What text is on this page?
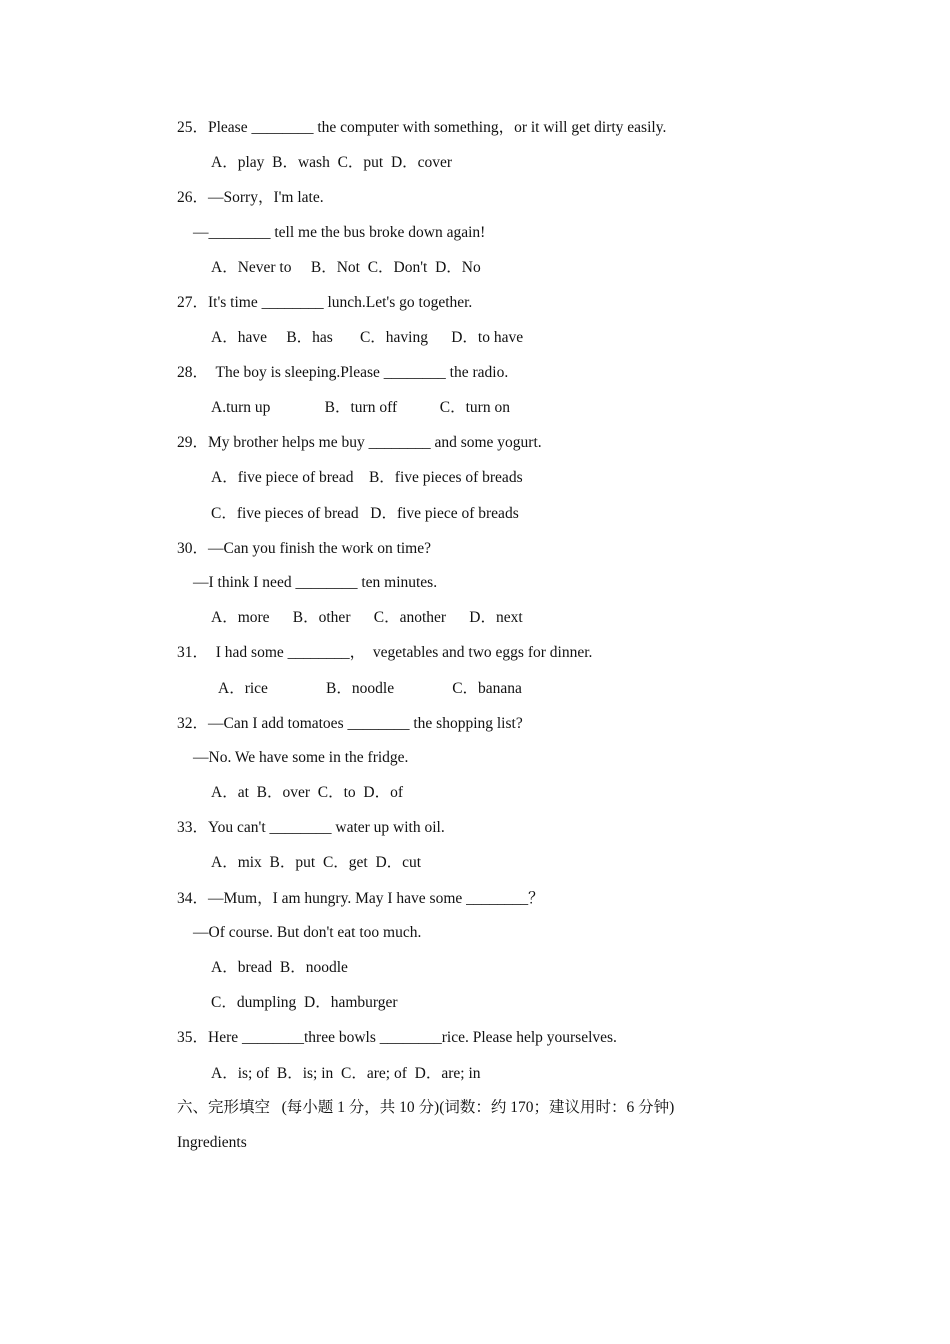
25．Please ________ the computer with something，or it will get dirty easily.
A．play  B．wash  C．put  D．cover
26．—Sorry，I'm late.
—________ tell me the bus broke down again!
A．Never to     B．Not  C．Don't  D．No
27．It's time ________ lunch.Let's go together.
A．have     B．has       C．having      D．to have
28．  The boy is sleeping.Please ________ the radio.
A.turn up              B．turn off           C．turn on
29．My brother helps me buy ________ and some yogurt.
A．five piece of bread    B．five pieces of breads
C．five pieces of bread   D．five piece of breads
30．—Can you finish the work on time?
—I think I need ________ ten minutes.
A．more      B．other      C．another      D．next
31．  I had some ________，  vegetables and two eggs for dinner.
A．rice               B．noodle               C．banana
32．—Can I add tomatoes ________ the shopping list?
—No. We have some in the fridge.
A．at  B．over  C．to  D．of
33．You can't ________ water up with oil.
A．mix  B．put  C．get  D．cut
34．—Mum，I am hungry. May I have some ________？
—Of course. But don't eat too much.
A．bread  B．noodle
C．dumpling  D．hamburger
35．Here ________three bowls ________rice. Please help yourselves.
A．is; of  B．is; in  C．are; of  D．are; in
六、完形填空   (每小题 1 分，共 10 分)(词数：约 170；建议用时：6 分钟)
Ingredients
